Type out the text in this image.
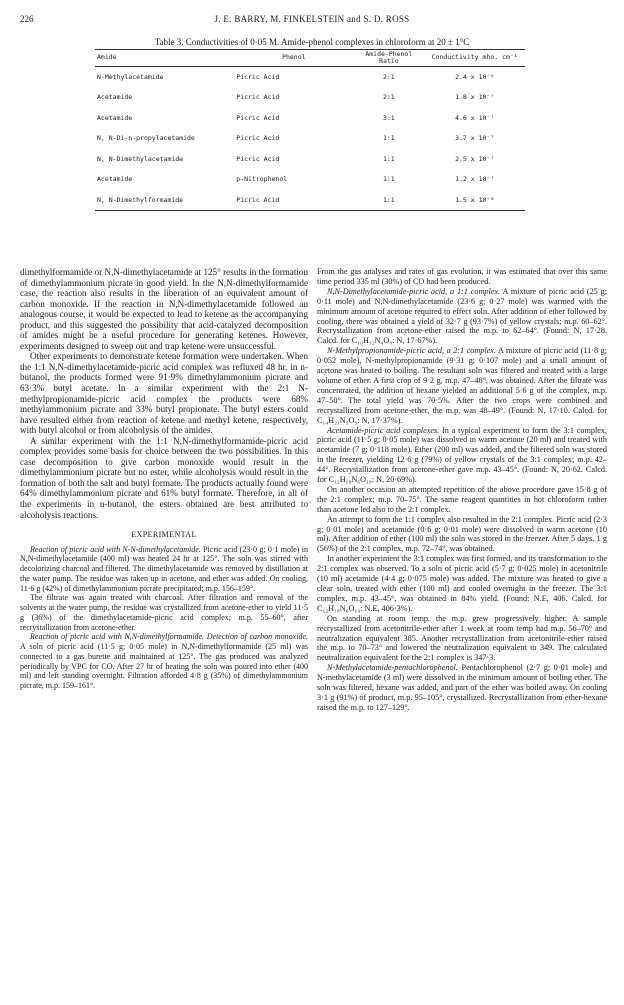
226	J. E. BARRY, M. FINKELSTEIN and S. D. ROSS
Table 3. Conductivities of 0·05 M. Amide-phenol complexes in chloroform at 20 ± 1°C
Amide	Phenol	Amide-Phenol Ratio	Conductivity mho. cm⁻¹
N-Methylacetamide	Picric Acid	2:1	2.4 x 10⁻⁶
Acetamide	Picric Acid	2:1	1.8 x 10⁻⁷
Acetamide	Picric Acid	3:1	4.6 x 10⁻⁷
N, N-Di-n-propylacetamide	Picric Acid	1:1	3.7 x 10⁻⁷
N, N-Dimethylacetamide	Picric Acid	1:1	2.5 x 10⁻⁷
Acetamide	p-Nitrophenol	1:1	1.2 x 10⁻⁷
N, N-Dimethylformamide	Picric Acid	1:1	1.5 x 10⁻⁸

dimethylformamide or N,N-dimethylacetamide at 125° results in the formation of dimethylammonium picrate in good yield. In the N,N-dimethylformamide case, the reaction also results in the liberation of an equivalent amount of carbon monoxide. If the reaction in N,N-dimethylacetamide followed an analogous course, it would be expected to lead to ketene as the accompanying product, and this suggested the possibility that acid-catalyzed decomposition of amides might be a useful procedure for generating ketenes. However, experiments designed to sweep out and trap ketene were unsuccessful.

Other experiments to demonstrate ketene formation were undertaken. When the 1:1 N,N-dimethylacetamide-picric acid complex was refluxed 48 hr. in n-butanol, the products formed were 91·9% dimethylammonium picrate and 63·3% butyl acetate. In a similar experiment with the 2:1 N-methylpropionamide-picric acid complex the products were 68% methylammonium picrate and 33% butyl propionate. The butyl esters could have resulted either from reaction of ketene and methyl ketene, respectively, with butyl alcohol or from alcoholysis of the amides.

A similar experiment with the 1:1 N,N-dimethylformamide-picric acid complex provides some basis for choice between the two possibilities. In this case decomposition to give carbon monoxide would result in the dimethylammonium picrate but no ester, while alcoholysis would result in the formation of both the salt and butyl formate. The products actually found were 64% dimethylammonium picrate and 61% butyl formate. Therefore, in all of the experiments in n-butanol, the esters obtained are best attributed to alcoholysis reactions.

EXPERIMENTAL

Reaction of picric acid with N-N-dimethylacetamide. Picric acid (23·0 g; 0·1 mole) in N,N-dimethylacetamide (400 ml) was heated 24 hr at 125°. The soln was stirred with decolorizing charcoal and filtered. The dimethylacetamide was removed by distillation at the water pump. The residue was taken up in acetone, and ether was added. On cooling, 11·6 g (42%) of dimethylammonium picrate precipitated; m.p. 156–159°.

The filtrate was again treated with charcoal. After filtration and removal of the solvents at the water pump, the residue was crystallized from acetone-ether to yield 11·5 g (36%) of the dimethylacetamide-picric acid complex; m.p. 55–60°, after recrystallization from acetone-ether.

Reaction of picric acid with N,N-dimethylformamide. Detection of carbon monoxide. A soln of picric acid (11·5 g; 0·05 mole) in N,N-dimethylformamide (25 ml) was connected to a gas burette and maintained at 125°. The gas produced was analyzed periodically by VPC for CO. After 27 hr of heating the soln was poured into ether (400 ml) and left standing overnight. Filtration afforded 4·8 g (35%) of dimethylammonium picrate, m.p. 159–161°.

From the gas analyses and rates of gas evolution, it was estimated that over this same time period 335 ml (30%) of CO had been produced.

N,N-Dimethylacetamide-picric acid, a 1:1 complex. A mixture of picric acid (25 g; 0·11 mole) and N,N-dimethylacetamide (23·6 g; 0·27 mole) was warmed with the minimum amount of acetone required to effect soln. After addition of ether followed by cooling, there was obtained a yield of 32·7 g (93·7%) of yellow crystals; m.p. 60–62°. Recrystallization from acetone-ether raised the m.p. to 62–64°. (Found: N, 17·28. Calcd. for C₁₀H₁₂N₄O₈: N, 17·67%).

N-Methylpropionamide-picric acid, a 2:1 complex. A mixture of picric acid (11·8 g; 0·052 mole), N-methylpropionamide (9·31 g; 0·107 mole) and a small amount of acetone was heated to boiling. The resultant soln was filtered and treated with a large volume of ether. A first crop of 9·2 g, m.p. 47–48°, was obtained. After the filtrate was concentrated, the addition of hexane yielded an additional 5·6 g of the complex, m.p. 47–50°. The total yield was 70·5%. After the two crops were combined and recrystallized from acetone-ether, the m.p. was 48–49°. (Found: N, 17·10. Calcd. for C₁₄H₂₁N₅O₉: N, 17·37%).

Acetamide-picric acid complexes. In a typical experiment to form the 3:1 complex, picric acid (11·5 g; 0·05 mole) was dissolved in warm acetone (20 ml) and treated with acetamide (7 g; 0·118 mole). Ether (200 ml) was added, and the filtered soln was stored in the freezer, yielding 12·6 g (79%) of yellow crystals of the 3:1 complex; m.p. 42–44°. Recrystallization from acetone-ether gave m.p. 43–45°. (Found: N, 20·62. Calcd. for C₁₂H₁₈N₆O₁₀: N, 20·69%).

On another occasion an attempted repetition of the above procedure gave 15·8 g of the 2:1 complex; m.p. 70–75°. The same reagent quantities in hot chloroform rather than acetone led also to the 2:1 complex.

An attempt to form the 1:1 complex also resulted in the 2:1 complex. Picric acid (2·3 g; 0·01 mole) and acetamide (0·6 g; 0·01 mole) were dissolved in warm acetone (10 ml). After addition of ether (100 ml) the soln was stored in the freezer. After 5 days, 1 g (56%) of the 2:1 complex, m.p. 72–74°, was obtained.

In another experiment the 3:1 complex was first formed, and its transformation to the 2:1 complex was observed. To a soln of picric acid (5·7 g; 0·025 mole) in acetonitrile (10 ml) acetamide (4·4 g; 0·075 mole) was added. The mixture was heated to give a clear soln, treated with ether (100 ml) and cooled overnight in the freezer. The 3:1 complex, m.p. 43–45°, was obtained in 84% yield. (Found: N.E, 406. Calcd. for C₁₂H₁₈N₆O₁₀: N.E, 406·3%).

On standing at room temp. the m.p. grew progressively higher. A sample recrystallized from acetonitrile-ether after 1 week at room temp had m.p. 56–70° and neutralization equivalent 385. Another recrystallization from acetonitrile-ether raised the m.p. to 70–73° and lowered the neutralization equivalent to 349. The calculated neutralization equivalent for the 2:1 complex is 347·3.

N-Methylacetamide-pentachlorophenol. Pentachlorophenol (2·7 g; 0·01 mole) and N-methylacetamide (3 ml) were dissolved in the minimum amount of boiling ether. The soln was filtered, hexane was added, and part of the ether was boiled away. On cooling 3·1 g (91%) of product, m.p. 95–105°, crystallized. Recrystallization from ether-hexane raised the m.p. to 127–129°.
